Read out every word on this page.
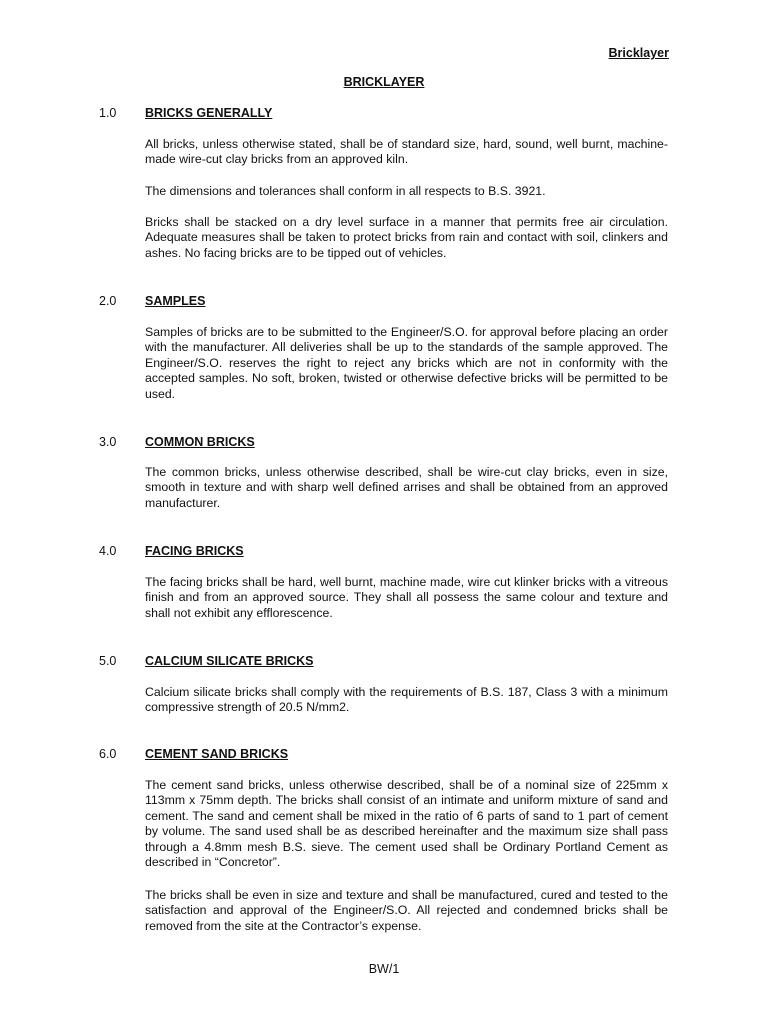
Bricklayer
BRICKLAYER
1.0 BRICKS GENERALLY

All bricks, unless otherwise stated, shall be of standard size, hard, sound, well burnt, machine-made wire-cut clay bricks from an approved kiln.

The dimensions and tolerances shall conform in all respects to B.S. 3921.

Bricks shall be stacked on a dry level surface in a manner that permits free air circulation. Adequate measures shall be taken to protect bricks from rain and contact with soil, clinkers and ashes. No facing bricks are to be tipped out of vehicles.

2.0 SAMPLES

Samples of bricks are to be submitted to the Engineer/S.O. for approval before placing an order with the manufacturer. All deliveries shall be up to the standards of the sample approved. The Engineer/S.O. reserves the right to reject any bricks which are not in conformity with the accepted samples. No soft, broken, twisted or otherwise defective bricks will be permitted to be used.

3.0 COMMON BRICKS

The common bricks, unless otherwise described, shall be wire-cut clay bricks, even in size, smooth in texture and with sharp well defined arrises and shall be obtained from an approved manufacturer.

4.0 FACING BRICKS

The facing bricks shall be hard, well burnt, machine made, wire cut klinker bricks with a vitreous finish and from an approved source. They shall all possess the same colour and texture and shall not exhibit any efflorescence.

5.0 CALCIUM SILICATE BRICKS

Calcium silicate bricks shall comply with the requirements of B.S. 187, Class 3 with a minimum compressive strength of 20.5 N/mm2.

6.0 CEMENT SAND BRICKS

The cement sand bricks, unless otherwise described, shall be of a nominal size of 225mm x 113mm x 75mm depth. The bricks shall consist of an intimate and uniform mixture of sand and cement. The sand and cement shall be mixed in the ratio of 6 parts of sand to 1 part of cement by volume. The sand used shall be as described hereinafter and the maximum size shall pass through a 4.8mm mesh B.S. sieve. The cement used shall be Ordinary Portland Cement as described in “Concretor”.

The bricks shall be even in size and texture and shall be manufactured, cured and tested to the satisfaction and approval of the Engineer/S.O. All rejected and condemned bricks shall be removed from the site at the Contractor’s expense.

BW/1
